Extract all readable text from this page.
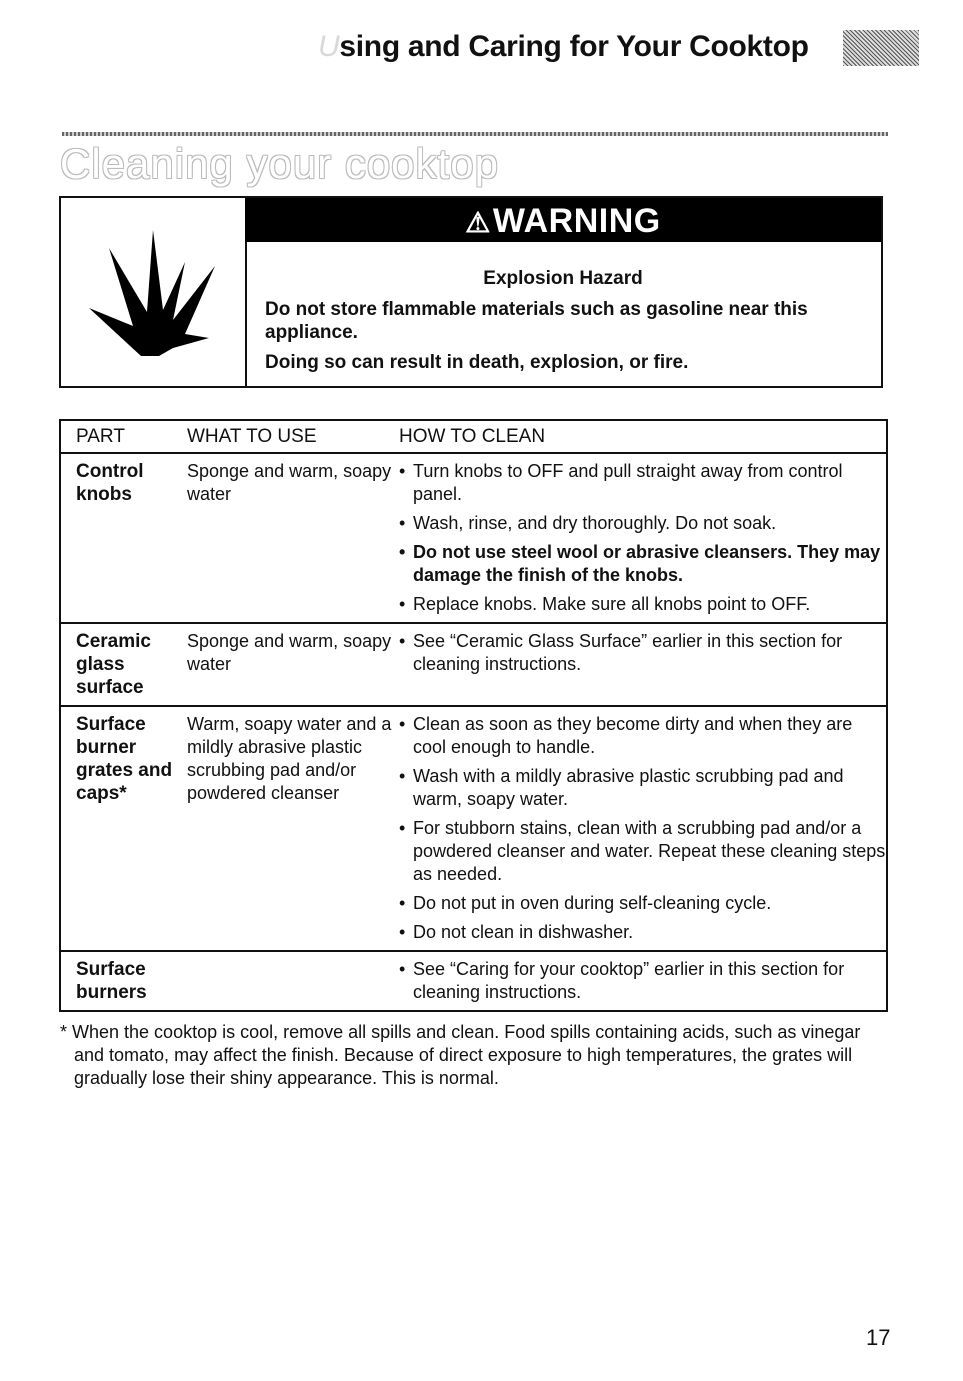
Using and Caring for Your Cooktop
Cleaning your cooktop
⚠WARNING
Explosion Hazard

Do not store flammable materials such as gasoline near this appliance.

Doing so can result in death, explosion, or fire.

PART	WHAT TO USE	HOW TO CLEAN
Control knobs
Sponge and warm, soapy water
• Turn knobs to OFF and pull straight away from control panel.
• Wash, rinse, and dry thoroughly. Do not soak.
• Do not use steel wool or abrasive cleansers. They may damage the finish of the knobs.
• Replace knobs. Make sure all knobs point to OFF.
Ceramic glass surface
Sponge and warm, soapy water
• See “Ceramic Glass Surface” earlier in this section for cleaning instructions.
Surface burner grates and caps*
Warm, soapy water and a mildly abrasive plastic scrubbing pad and/or powdered cleanser
• Clean as soon as they become dirty and when they are cool enough to handle.
• Wash with a mildly abrasive plastic scrubbing pad and warm, soapy water.
• For stubborn stains, clean with a scrubbing pad and/or a powdered cleanser and water. Repeat these cleaning steps as needed.
• Do not put in oven during self-cleaning cycle.
• Do not clean in dishwasher.
Surface burners
• See “Caring for your cooktop” earlier in this section for cleaning instructions.
* When the cooktop is cool, remove all spills and clean. Food spills containing acids, such as vinegar and tomato, may affect the finish. Because of direct exposure to high temperatures, the grates will gradually lose their shiny appearance. This is normal.
17
